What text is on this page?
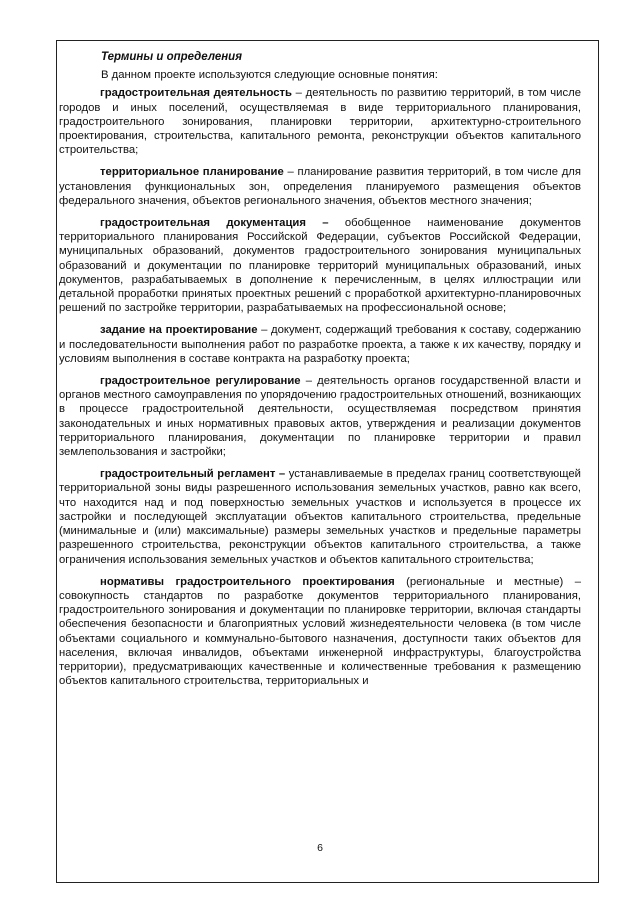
Термины и определения

В данном проекте используются следующие основные понятия:

градостроительная деятельность – деятельность по развитию территорий, в том числе городов и иных поселений, осуществляемая в виде территориального планирования, градостроительного зонирования, планировки территории, архитектурно-строительного проектирования, строительства, капитального ремонта, реконструкции объектов капитального строительства;

территориальное планирование – планирование развития территорий, в том числе для установления функциональных зон, определения планируемого размещения объектов федерального значения, объектов регионального значения, объектов местного значения;

градостроительная документация – обобщенное наименование документов территориального планирования Российской Федерации, субъектов Российской Федерации, муниципальных образований, документов градостроительного зонирования муниципальных образований и документации по планировке территорий муниципальных образований, иных документов, разрабатываемых в дополнение к перечисленным, в целях иллюстрации или детальной проработки принятых проектных решений с проработкой архитектурно-планировочных решений по застройке территории, разрабатываемых на профессиональной основе;

задание на проектирование – документ, содержащий требования к составу, содержанию и последовательности выполнения работ по разработке проекта, а также к их качеству, порядку и условиям выполнения в составе контракта на разработку проекта;

градостроительное регулирование – деятельность органов государственной власти и органов местного самоуправления по упорядочению градостроительных отношений, возникающих в процессе градостроительной деятельности, осуществляемая посредством принятия законодательных и иных нормативных правовых актов, утверждения и реализации документов территориального планирования, документации по планировке территории и правил землепользования и застройки;

градостроительный регламент – устанавливаемые в пределах границ соответствующей территориальной зоны виды разрешенного использования земельных участков, равно как всего, что находится над и под поверхностью земельных участков и используется в процессе их застройки и последующей эксплуатации объектов капитального строительства, предельные (минимальные и (или) максимальные) размеры земельных участков и предельные параметры разрешенного строительства, реконструкции объектов капитального строительства, а также ограничения использования земельных участков и объектов капитального строительства;

нормативы градостроительного проектирования (региональные и местные) – совокупность стандартов по разработке документов территориального планирования, градостроительного зонирования и документации по планировке территории, включая стандарты обеспечения безопасности и благоприятных условий жизнедеятельности человека (в том числе объектами социального и коммунально-бытового назначения, доступности таких объектов для населения, включая инвалидов, объектами инженерной инфраструктуры, благоустройства территории), предусматривающих качественные и количественные требования к размещению объектов капитального строительства, территориальных и

6
